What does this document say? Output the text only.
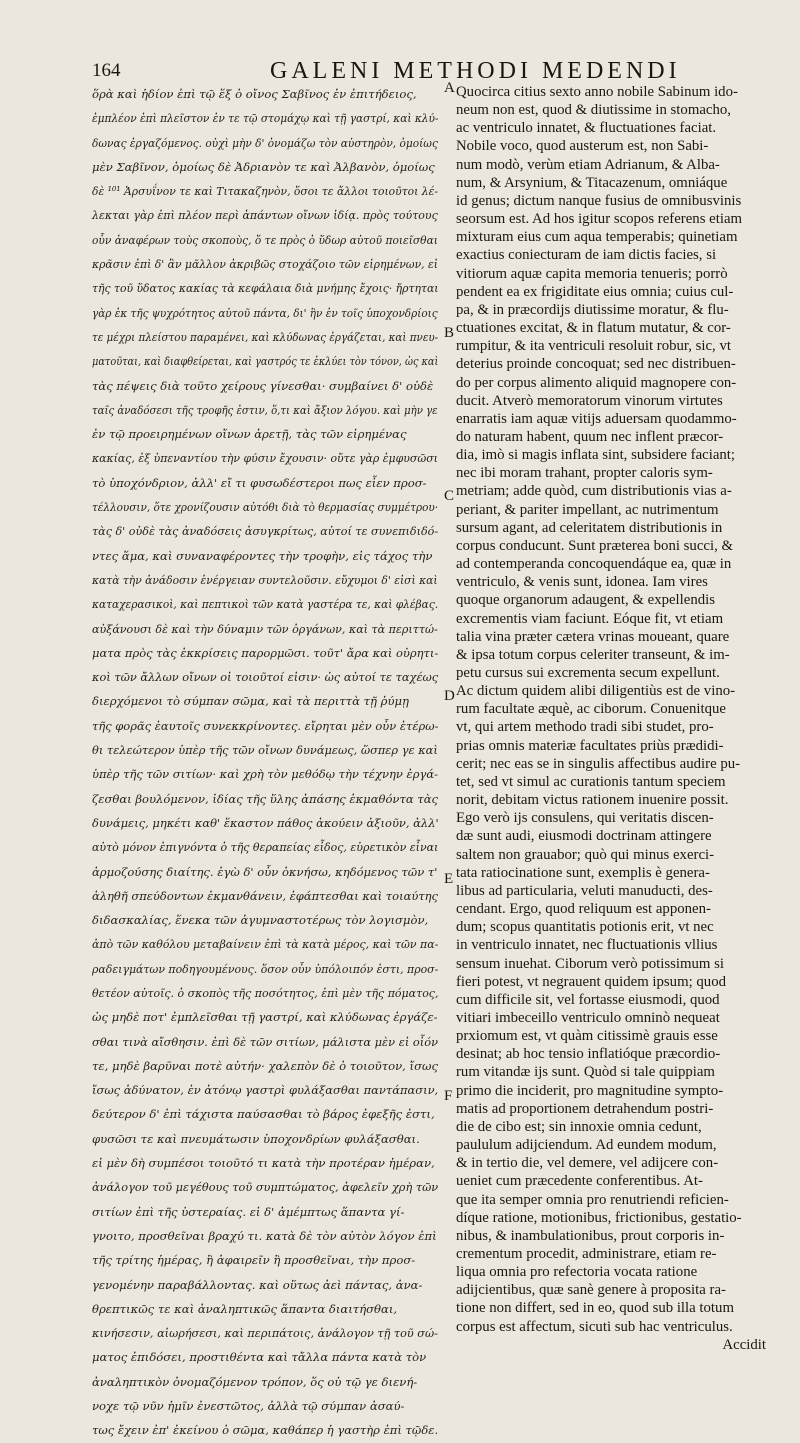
164	GALENI METHODI MEDENDI
ὅρὰ καὶ ἡδίον ἐπὶ τῷ ἕξ ὁ οἴνος Σαβῖνος ἐν ἐπιτήδειος,
ἐμπλέον ἐπὶ πλεῖστον ἐν τε τῷ στομάχῳ καὶ τῇ γαστρί, καὶ κλύ-
δωνας ἐργαζόμενος. οὐχὶ μὴν δ' ὀνομάζω τὸν αὐστηρὸν, ὁμοίως
μὲν Σαβῖνον, ὁμοίως δὲ Ἀδριανὸν τε καὶ Ἀλβανὸν, ὁμοίως
δὲ ¹⁰¹ Ἀρσυΐνον τε καὶ Τιτακαζηνὸν, ὅσοι τε ἄλλοι τοιοῦτοι λέ-
λεκται γὰρ ἐπὶ πλέον περὶ ἁπάντων οἴνων ἰδίᾳ. πρὸς τούτους
οὖν ἀναφέρων τοὺς σκοποὺς, ὅ τε πρὸς ὁ ὕδωρ αὐτοῦ ποιεῖσθαι
κρᾶσιν ἐπὶ δ' ἂν μᾶλλον ἀκριβῶς στοχάζοιο τῶν εἰρημένων, εἰ
τῆς τοῦ ὕδατος κακίας τὰ κεφάλαια διὰ μνήμης ἔχοις· ἤρτηται
γὰρ ἐκ τῆς ψυχρότητος αὐτοῦ πάντα, δι' ἣν ἐν τοῖς ὑποχονδρίοις
τε μέχρι πλείστου παραμένει, καὶ κλύδωνας ἐργάζεται, καὶ πνευ-
ματοῦται, καὶ διαφθείρεται, καὶ γαστρός τε ἐκλύει τὸν τόνον, ὡς καὶ
τὰς πέψεις διὰ τοῦτο χείρους γίνεσθαι· συμβαίνει δ' οὐδὲ
ταῖς ἀναδόσεσι τῆς τροφῆς ἐστιν, ὅ,τι καὶ ἄξιον λόγου. καὶ μὴν γε
ἐν τῷ προειρημένων οἴνων ἀρετῇ, τὰς τῶν εἰρημένας
κακίας, ἐξ ὑπεναντίου τὴν φύσιν ἔχουσιν· οὔτε γὰρ ἐμφυσῶσι
τὸ ὑποχόνδριον, ἀλλ' εἴ τι φυσωδέστεροι πως εἶεν προσ-
τέλλουσιν, ὅτε χρονίζουσιν αὐτόθι διὰ τὸ θερμασίας συμμέτρου·
τὰς δ' οὐδὲ τὰς ἀναδόσεις ἀσυγκρίτως, αὐτοί τε συνεπιδιδό-
ντες ἅμα, καὶ συναναφέροντες τὴν τροφὴν, εἰς τάχος τὴν
κατὰ τὴν ἀνάδοσιν ἐνέργειαν συντελοῦσιν. εὔχυμοι δ' εἰσὶ καὶ
καταχερασικοὶ, καὶ πεπτικοὶ τῶν κατὰ γαστέρα τε, καὶ φλέβας.
αὐξάνουσι δὲ καὶ τὴν δύναμιν τῶν ὀργάνων, καὶ τὰ περιττώ-
ματα πρὸς τὰς ἐκκρίσεις παρορμῶσι. τοῦτ' ἄρα καὶ οὐρητι-
κοὶ τῶν ἄλλων οἴνων οἱ τοιοῦτοί εἰσιν· ὡς αὐτοί τε ταχέως
διερχόμενοι τὸ σύμπαν σῶμα, καὶ τὰ περιττὰ τῇ ῥύμῃ
τῆς φορᾶς ἑαυτοῖς συνεκκρίνοντες. εἴρηται μὲν οὖν ἑτέρω-
θι τελεώτερον ὑπὲρ τῆς τῶν οἴνων δυνάμεως, ὥσπερ γε καὶ
ὑπὲρ τῆς τῶν σιτίων· καὶ χρὴ τὸν μεθόδῳ τὴν τέχνην ἐργά-
ζεσθαι βουλόμενον, ἰδίας τῆς ὕλης ἁπάσης ἐκμαθόντα τὰς
δυνάμεις, μηκέτι καθ' ἕκαστον πάθος ἀκούειν ἀξιοῦν, ἀλλ'
αὐτὸ μόνον ἐπιγνόντα ὁ τῆς θεραπείας εἶδος, εὑρετικὸν εἶναι
ἁρμοζούσης διαίτης. ἐγὼ δ' οὖν ὀκνήσω, κηδόμενος τῶν τ'
ἀληθῆ σπεύδοντων ἐκμανθάνειν, ἐφάπτεσθαι καὶ τοιαύτης
διδασκαλίας, ἕνεκα τῶν ἀγυμναστοτέρως τὸν λογισμὸν,
ἀπὸ τῶν καθόλου μεταβαίνειν ἐπὶ τὰ κατὰ μέρος, καὶ τῶν πα-
ραδειγμάτων ποδηγουμένους. ὅσον οὖν ὑπόλοιπόν ἐστι, προσ-
θετέον αὐτοῖς. ὁ σκοπὸς τῆς ποσότητος, ἐπὶ μὲν τῆς πόματος,
ὡς μηδὲ ποτ' ἐμπλεῖσθαι τῇ γαστρί, καὶ κλύδωνας ἐργάζε-
σθαι τινὰ αἴσθησιν. ἐπὶ δὲ τῶν σιτίων, μάλιστα μὲν εἰ οἷόν
τε, μηδὲ βαρῦναι ποτὲ αὐτήν· χαλεπὸν δὲ ὁ τοιοῦτον, ἴσως
ἴσως ἀδύνατον, ἐν ἀτόνῳ γαστρὶ φυλάξασθαι παντάπασιν,
δεύτερον δ' ἐπὶ τάχιστα παύσασθαι τὸ βάρος ἐφεξῆς ἐστι,
φυσῶσι τε καὶ πνευμάτωσιν ὑποχονδρίων φυλάξασθαι.
εἰ μὲν δὴ συμπέσοι τοιοῦτό τι κατὰ τὴν προτέραν ἡμέραν,
ἀνάλογον τοῦ μεγέθους τοῦ συμπτώματος, ἀφελεῖν χρὴ τῶν
σιτίων ἐπὶ τῆς ὑστεραίας. εἰ δ' ἀμέμπτως ἅπαντα γί-
γνοιτο, προσθεῖναι βραχύ τι. κατὰ δὲ τὸν αὐτὸν λόγον ἐπὶ
τῆς τρίτης ἡμέρας, ἢ ἀφαιρεῖν ἢ προσθεῖναι, τὴν προσ-
γενομένην παραβάλλοντας. καὶ οὕτως ἀεὶ πάντας, ἀνα-
θρεπτικῶς τε καὶ ἀναληπτικῶς ἅπαντα διαιτήσθαι,
κινήσεσιν, αἰωρήσεσι, καὶ περιπάτοις, ἀνάλογον τῇ τοῦ σώ-
ματος ἐπιδόσει, προστιθέντα καὶ τἄλλα πάντα κατὰ τὸν
ἀναληπτικὸν ὀνομαζόμενον τρόπον, ὅς οὐ τῷ γε διενή-
νοχε τῷ νῦν ἡμῖν ἐνεστῶτος, ἀλλὰ τῷ σύμπαν ἀσαύ-
τως ἔχειν ἐπ' ἐκείνου ὁ σῶμα, καθάπερ ἡ γαστὴρ ἐπὶ τῷδε.
A
B
C
D
E
F
Quocirca citius sexto anno nobile Sabinum ido-
neum non est, quod & diutissime in stomacho,
ac ventriculo innatet, & fluctuationes faciat.
Nobile voco, quod austerum est, non Sabi-
num modò, verùm etiam Adrianum, & Alba-
num, & Arsynium, & Titacazenum, omniáque
id genus; dictum nanque fusius de omnibusvinis
seorsum est. Ad hos igitur scopos referens etiam
mixturam eius cum aqua temperabis; quinetiam
exactius coniecturam de iam dictis facies, si
vitiorum aquæ capita memoria tenueris; porrò
pendent ea ex frigiditate eius omnia; cuius cul-
pa, & in præcordijs diutissime moratur, & flu-
ctuationes excitat, & in flatum mutatur, & cor-
rumpitur, & ita ventriculi resoluit robur, sic, vt
deterius proinde concoquat; sed nec distribuen-
do per corpus alimento aliquid magnopere con-
ducit. Atverò memoratorum vinorum virtutes
enarratis iam aquæ vitijs aduersam quodammo-
do naturam habent, quum nec inflent præcor-
dia, imò si magis inflata sint, subsidere faciant;
nec ibi moram trahant, propter caloris sym-
metriam; adde quòd, cum distributionis vias a-
periant, & pariter impellant, ac nutrimentum
sursum agant, ad celeritatem distributionis in
corpus conducunt. Sunt præterea boni succi, &
ad contemperanda concoquendáque ea, quæ in
ventriculo, & venis sunt, idonea. Iam vires
quoque organorum adaugent, & expellendis
excrementis viam faciunt. Eóque fit, vt etiam
talia vina præter cætera vrinas moueant, quare
& ipsa totum corpus celeriter transeunt, & im-
petu cursus sui excrementa secum expellunt.
Ac dictum quidem alibi diligentiùs est de vino-
rum facultate æquè, ac ciborum. Conuenitque
vt, qui artem methodo tradi sibi studet, pro-
prias omnis materiæ facultates priùs prædidi-
cerit; nec eas se in singulis affectibus audire pu-
tet, sed vt simul ac curationis tantum speciem
norit, debitam victus rationem inuenire possit.
Ego verò ijs consulens, qui veritatis discen-
dæ sunt audi, eiusmodi doctrinam attingere
saltem non grauabor; quò qui minus exerci-
tata ratiocinatione sunt, exemplis è genera-
libus ad particularia, veluti manuducti, des-
cendant. Ergo, quod reliquum est apponen-
dum; scopus quantitatis potionis erit, vt nec
in ventriculo innatet, nec fluctuationis vllius
sensum inuehat. Ciborum verò potissimum si
fieri potest, vt negrauent quidem ipsum; quod
cum difficile sit, vel fortasse eiusmodi, quod
vitiari imbeceillo ventriculo omninò nequeat
prxiomum est, vt quàm citissimè grauis esse
desinat; ab hoc tensio inflatióque præcordio-
rum vitandæ ijs sunt. Quòd si tale quippiam
primo die inciderit, pro magnitudine sympto-
matis ad proportionem detrahendum postri-
die de cibo est; sin innoxie omnia cedunt,
paululum adijciendum. Ad eundem modum,
& in tertio die, vel demere, vel adijcere con-
ueniet cum præcedente conferentibus. At-
que ita semper omnia pro renutriendi reficien-
díque ratione, motionibus, frictionibus, gestatio-
nibus, & inambulationibus, prout corporis in-
crementum procedit, administrare, etiam re-
liqua omnia pro refectoria vocata ratione
adijcientibus, quæ sanè genere à proposita ra-
tione non differt, sed in eo, quod sub illa totum
corpus est affectum, sicuti sub hac ventriculus.
Accidit
